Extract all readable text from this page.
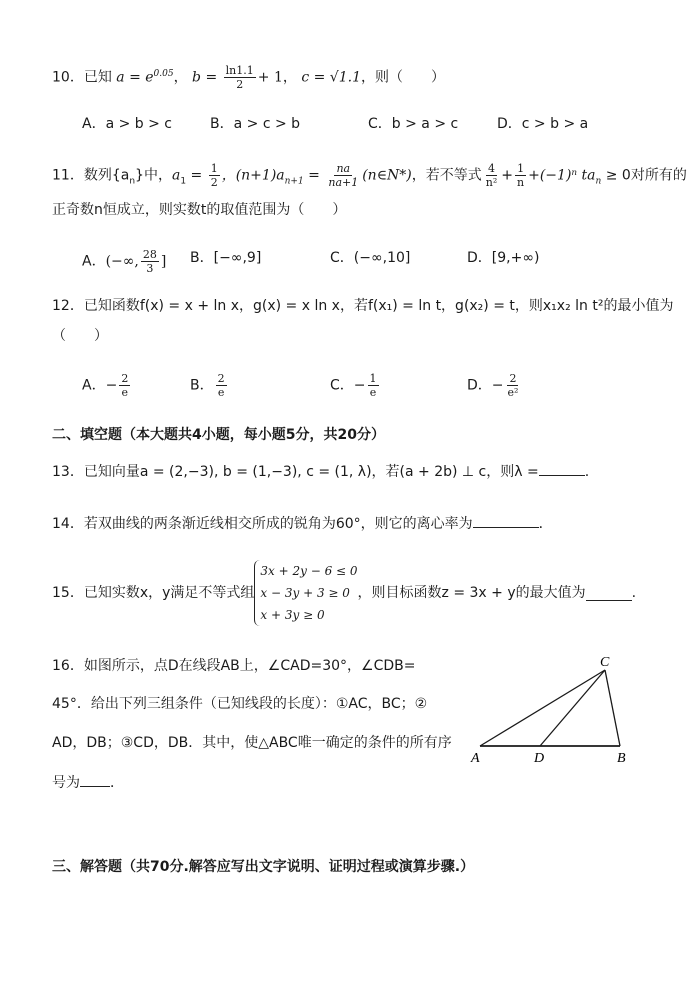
10．已知 $a = e^{0.05}$， $b = \frac{\ln 1.1}{2} + 1$， c = √1.1，则（　　）
A．a > b > c	B．a > c > b	C．b > a > c	D．c > b > a
11．数列$\{a_n\}$中，$a_1 = \frac{1}{2}$ ，$(n+1)a_{n+1} = \frac{na}{na+1}$ (n∈N*)，若不等式 $\frac{4}{\text{n²}} + \frac{1}{n} +(-1)^n$ $ta_n \ge 0$对所有的
正奇数n恒成立，则实数t的取值范围为（　　）
A．(−∞, $\frac{28}{3}$ ] B．[−∞,9]	C．(−∞,10]	D．[9,+∞)
12．已知函数f(x) = x + ln x，g(x) = x ln x，若f(x₁) = ln t，g(x₂) = t，则x₁x₂ ln t²的最小值为
（　　）
A．− $\frac{2}{e}$	B． $\frac{2}{e}$	C．− $\frac{1}{e}$	D．− $\frac{2}{\text{e²}}$
二、填空题（本大题共4小题，每小题5分，共20分）
13．已知向量a = (2,−3), b = (1,−3), c = (1, λ)，若(a + 2b) ⊥ c，则λ =	.
14．若双曲线的两条渐近线相交所成的锐角为60°，则它的离心率为	．
15．已知实数x，y满足不等式组
3x + 2y − 6 ≤ 0
x − 3y + 3 ≥ 0
x + 3y ≥ 0
，则目标函数z = 3x + y的最大值为	.
16．如图所示，点D在线段AB上，∠CAD=30°，∠CDB=
45°．给出下列三组条件（已知线段的长度）：①AC，BC；②
AD，DB；③CD，DB．其中，使△ABC唯一确定的条件的所有序
号为 ．
A	D	B
C
三、解答题（共70分.解答应写出文字说明、证明过程或演算步骤.）
